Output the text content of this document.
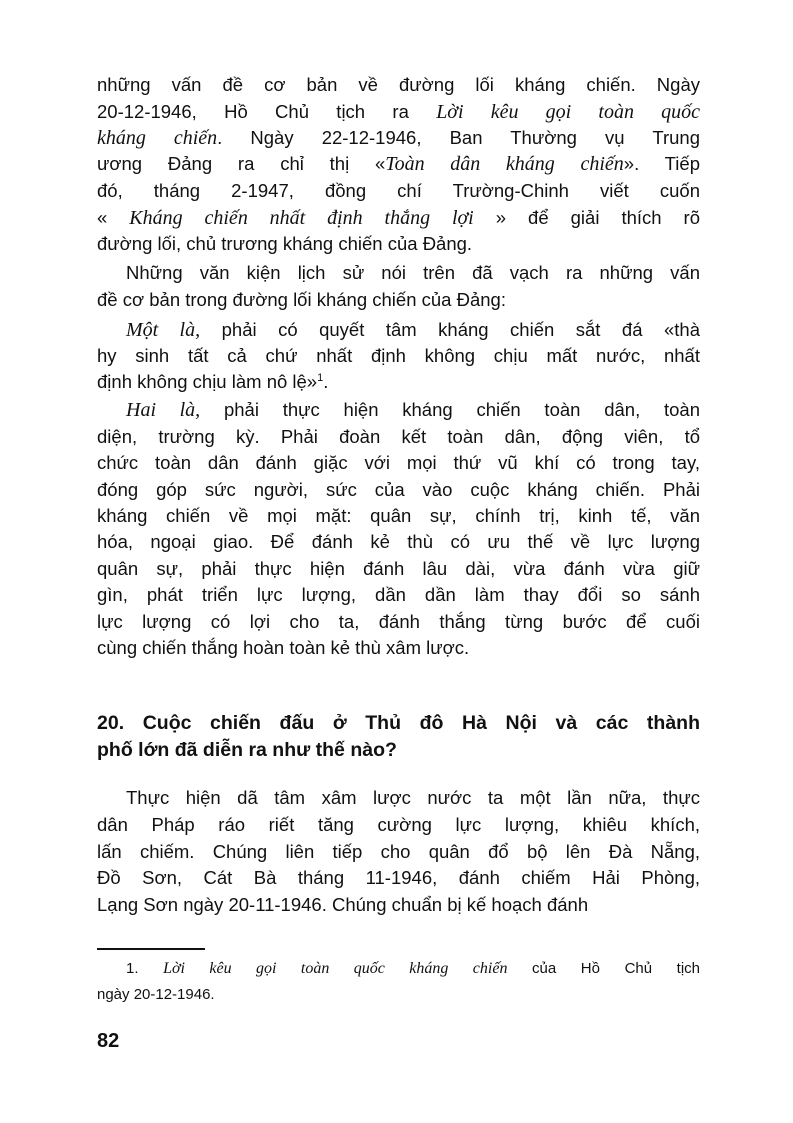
những vấn đề cơ bản về đường lối kháng chiến. Ngày
20-12-1946, Hồ Chủ tịch ra Lời kêu gọi toàn quốc
kháng chiến. Ngày 22-12-1946, Ban Thường vụ Trung
ương Đảng ra chỉ thị «Toàn dân kháng chiến». Tiếp
đó, tháng 2-1947, đồng chí Trường-Chinh viết cuốn
« Kháng chiến nhất định thắng lợi » để giải thích rõ
đường lối, chủ trương kháng chiến của Đảng.
Những văn kiện lịch sử nói trên đã vạch ra những vấn
đề cơ bản trong đường lối kháng chiến của Đảng:
Một là, phải có quyết tâm kháng chiến sắt đá «thà
hy sinh tất cả chứ nhất định không chịu mất nước, nhất
định không chịu làm nô lệ»$^1$.
Hai là, phải thực hiện kháng chiến toàn dân, toàn
diện, trường kỳ. Phải đoàn kết toàn dân, động viên, tổ
chức toàn dân đánh giặc với mọi thứ vũ khí có trong tay,
đóng góp sức người, sức của vào cuộc kháng chiến. Phải
kháng chiến về mọi mặt: quân sự, chính trị, kinh tế, văn
hóa, ngoại giao. Để đánh kẻ thù có ưu thế về lực lượng
quân sự, phải thực hiện đánh lâu dài, vừa đánh vừa giữ
gìn, phát triển lực lượng, dần dần làm thay đổi so sánh
lực lượng có lợi cho ta, đánh thắng từng bước để cuối
cùng chiến thắng hoàn toàn kẻ thù xâm lược.
20. Cuộc chiến đấu ở Thủ đô Hà Nội và các thành
phố lớn đã diễn ra như thế nào?
Thực hiện dã tâm xâm lược nước ta một lần nữa, thực
dân Pháp ráo riết tăng cường lực lượng, khiêu khích,
lấn chiếm. Chúng liên tiếp cho quân đổ bộ lên Đà Nẵng,
Đồ Sơn, Cát Bà tháng 11-1946, đánh chiếm Hải Phòng,
Lạng Sơn ngày 20-11-1946. Chúng chuẩn bị kế hoạch đánh
1. Lời kêu gọi toàn quốc kháng chiến của Hồ Chủ tịch
ngày 20-12-1946.
82
